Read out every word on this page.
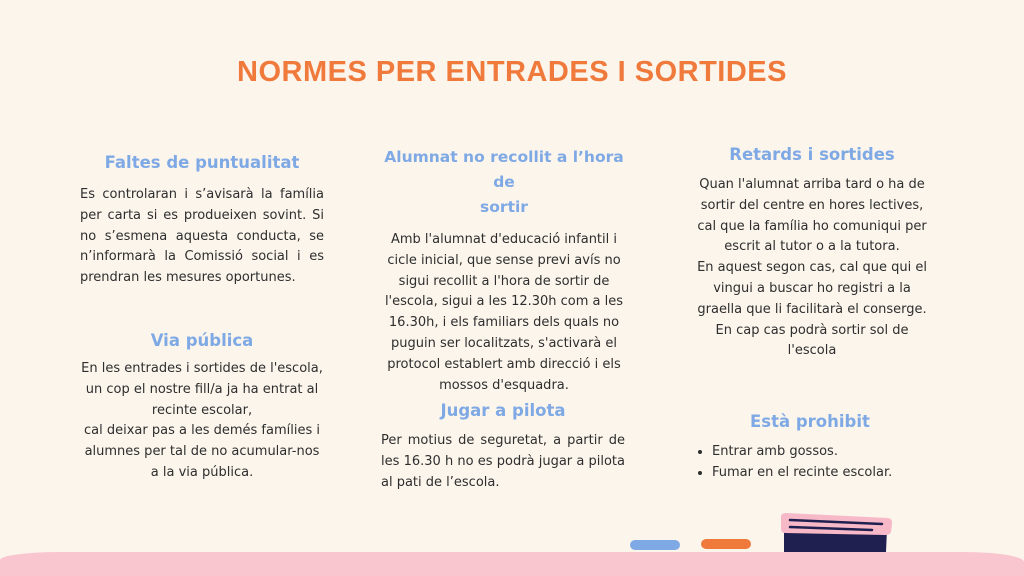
NORMES PER ENTRADES I SORTIDES
Faltes de puntualitat

Es controlaran i s’avisarà la família per carta si es produeixen sovint. Si no s’esmena aquesta conducta, se n’informarà la Comissió social i es prendran les mesures oportunes.

Via pública

En les entrades i sortides de l'escola,
un cop el nostre fill/a ja ha entrat al
recinte escolar,
cal deixar pas a les demés famílies i
alumnes per tal de no acumular-nos
a la via pública.

Alumnat no recollit a l’hora de
sortir

Amb l'alumnat d'educació infantil i
cicle inicial, que sense previ avís no
sigui recollit a l'hora de sortir de
l'escola, sigui a les 12.30h com a les
16.30h, i els familiars dels quals no
puguin ser localitzats, s'activarà el
protocol establert amb direcció i els
mossos d'esquadra.

Jugar a pilota

Per motius de seguretat, a partir de les 16.30 h no es podrà jugar a pilota al pati de l’escola.

Retards i sortides

Quan l'alumnat arriba tard o ha de
sortir del centre en hores lectives,
cal que la família ho comuniqui per
escrit al tutor o a la tutora.
En aquest segon cas, cal que qui el
vingui a buscar ho registri a la
graella que li facilitarà el conserge.
En cap cas podrà sortir sol de
l'escola

Està prohibit
• Entrar amb gossos.
• Fumar en el recinte escolar.
